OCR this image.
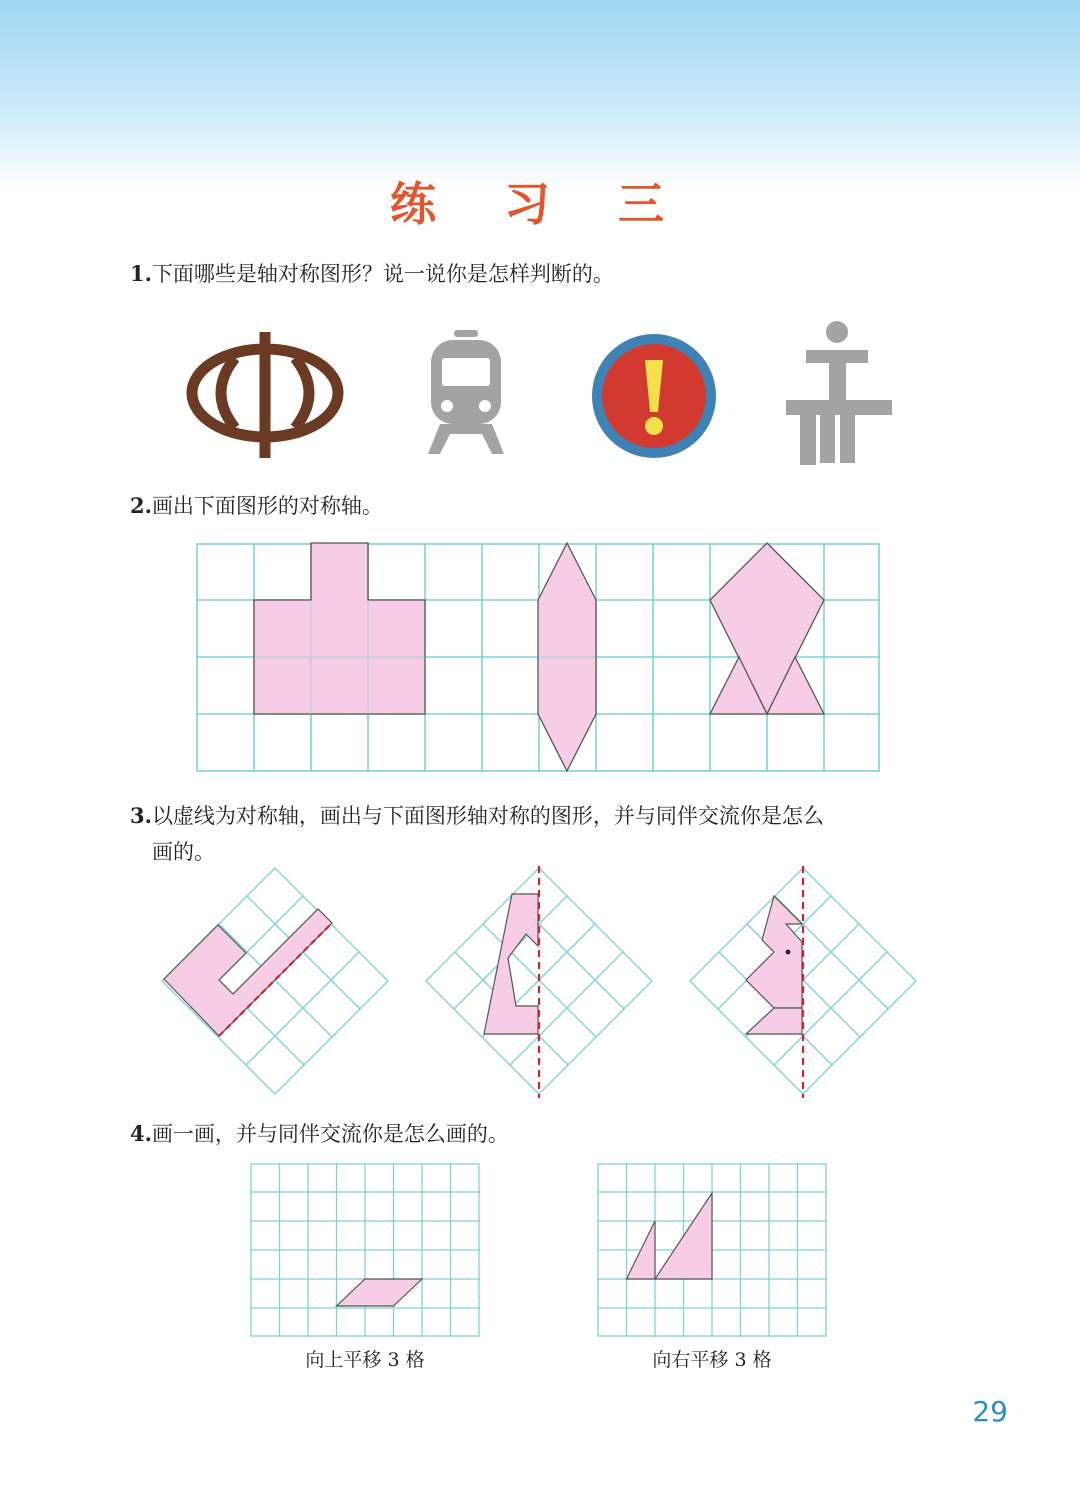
练 习 三
1.下面哪些是轴对称图形？说一说你是怎样判断的。
2.画出下面图形的对称轴。
3.以虚线为对称轴，画出与下面图形轴对称的图形，并与同伴交流你是怎么
画的。
4.画一画，并与同伴交流你是怎么画的。
向上平移 3 格	向右平移 3 格
29
